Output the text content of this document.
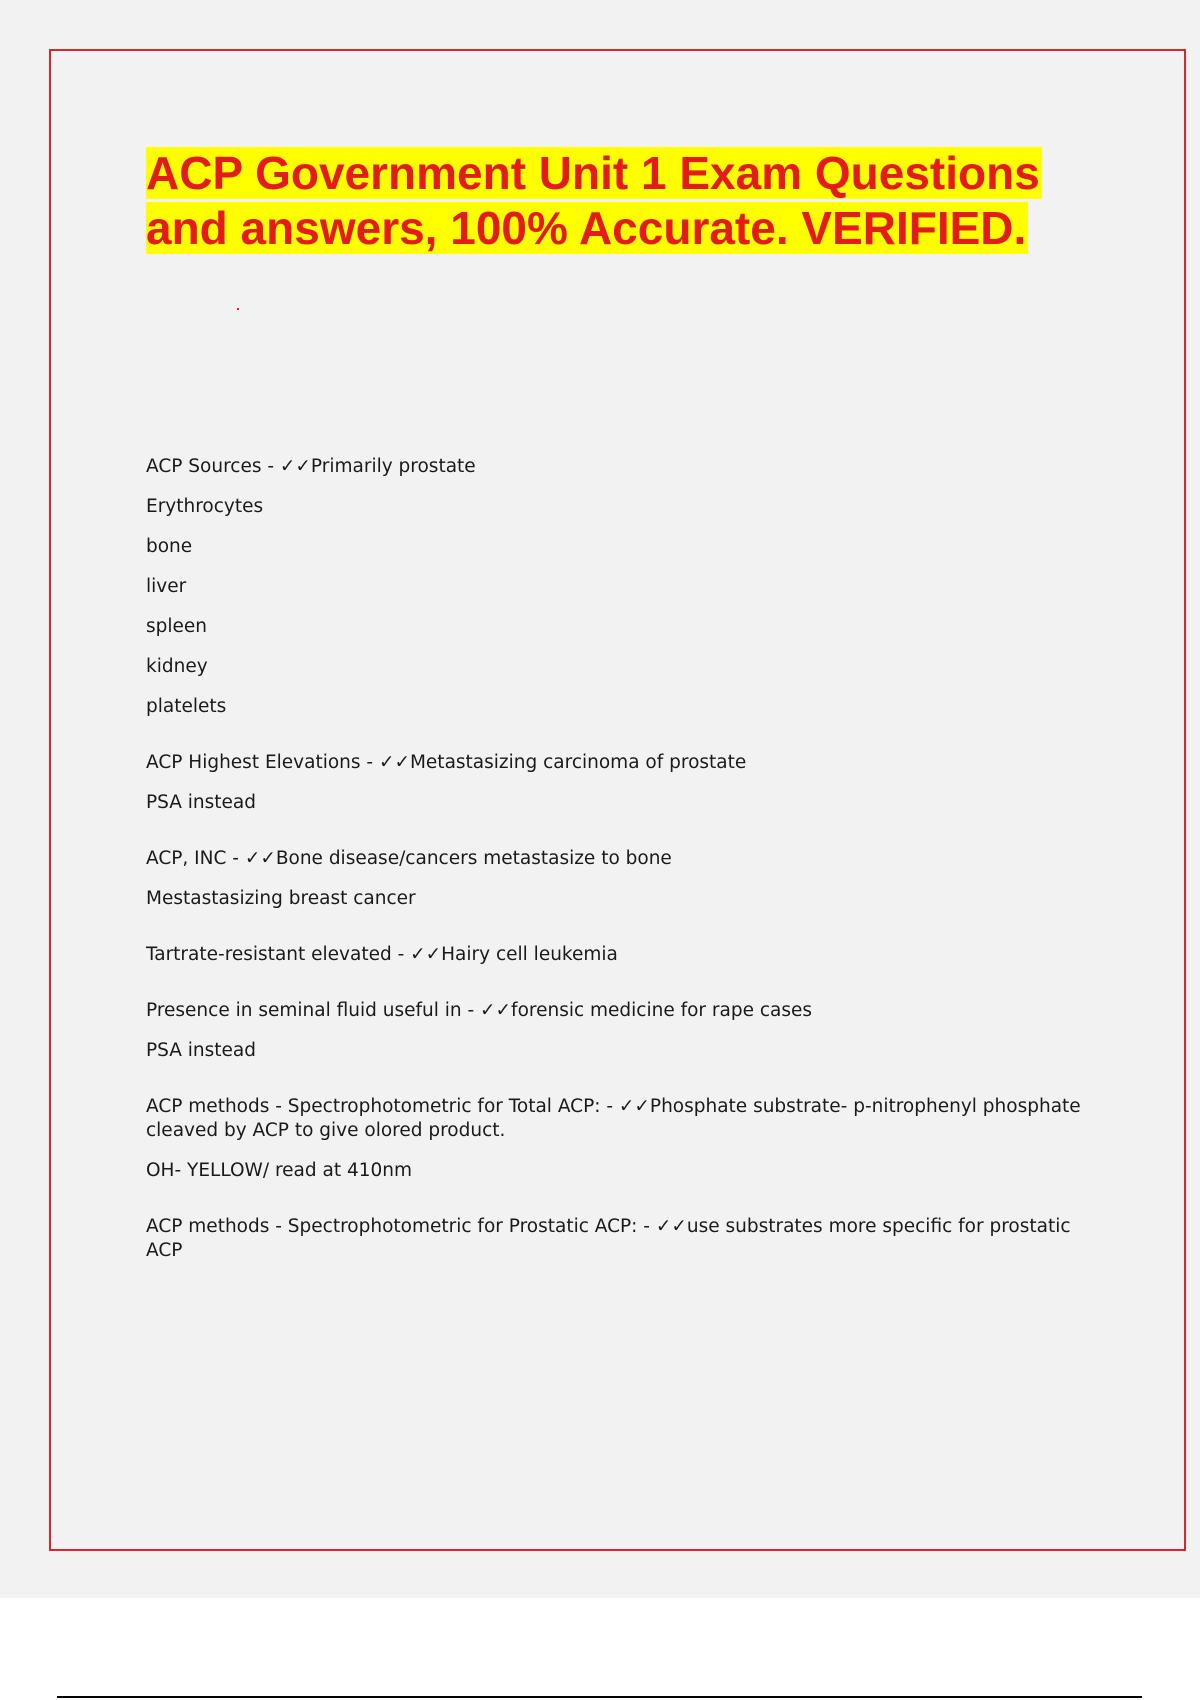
ACP Government Unit 1 Exam Questions
and answers, 100% Accurate. VERIFIED.

ACP Sources - ✓✓Primarily prostate

Erythrocytes

bone

liver

spleen

kidney

platelets

ACP Highest Elevations - ✓✓Metastasizing carcinoma of prostate

PSA instead

ACP, INC - ✓✓Bone disease/cancers metastasize to bone

Mestastasizing breast cancer

Tartrate-resistant elevated - ✓✓Hairy cell leukemia

Presence in seminal fluid useful in - ✓✓forensic medicine for rape cases

PSA instead

ACP methods - Spectrophotometric for Total ACP: - ✓✓Phosphate substrate- p-nitrophenyl phosphate

cleaved by ACP to give olored product.

OH- YELLOW/ read at 410nm

ACP methods - Spectrophotometric for Prostatic ACP: - ✓✓use substrates more specific for prostatic

ACP
